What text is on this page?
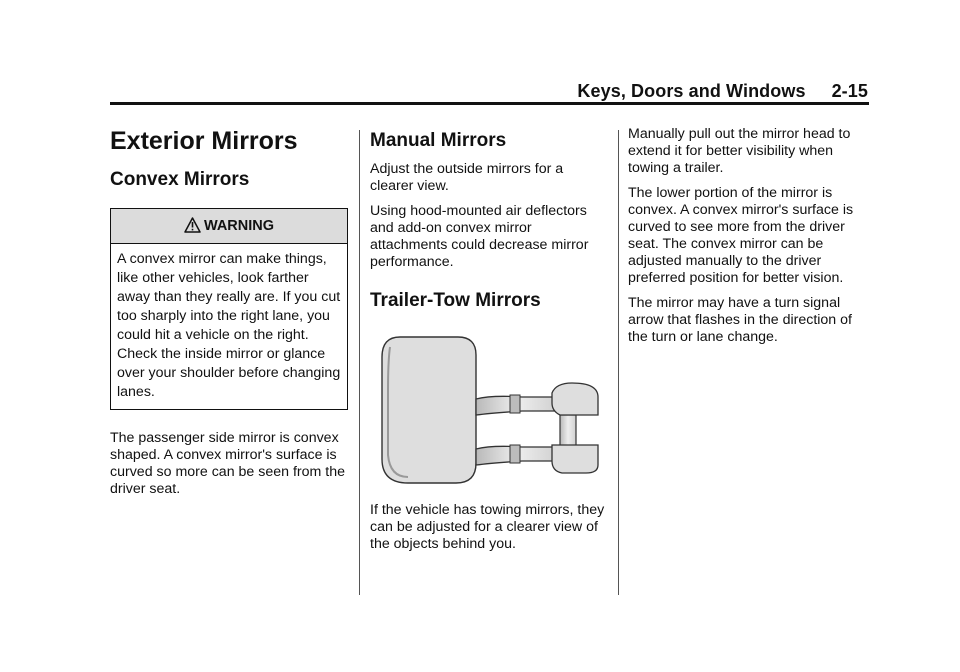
Keys, Doors and Windows 2-15
Exterior Mirrors
Convex Mirrors
WARNING
A convex mirror can make things, like other vehicles, look farther away than they really are. If you cut too sharply into the right lane, you could hit a vehicle on the right. Check the inside mirror or glance over your shoulder before changing lanes.

The passenger side mirror is convex shaped. A convex mirror's surface is curved so more can be seen from the driver seat.

Manual Mirrors

Adjust the outside mirrors for a clearer view.

Using hood-mounted air deflectors and add-on convex mirror attachments could decrease mirror performance.

Trailer-Tow Mirrors

If the vehicle has towing mirrors, they can be adjusted for a clearer view of the objects behind you.

Manually pull out the mirror head to extend it for better visibility when towing a trailer.

The lower portion of the mirror is convex. A convex mirror's surface is curved to see more from the driver seat. The convex mirror can be adjusted manually to the driver preferred position for better vision.

The mirror may have a turn signal arrow that flashes in the direction of the turn or lane change.
